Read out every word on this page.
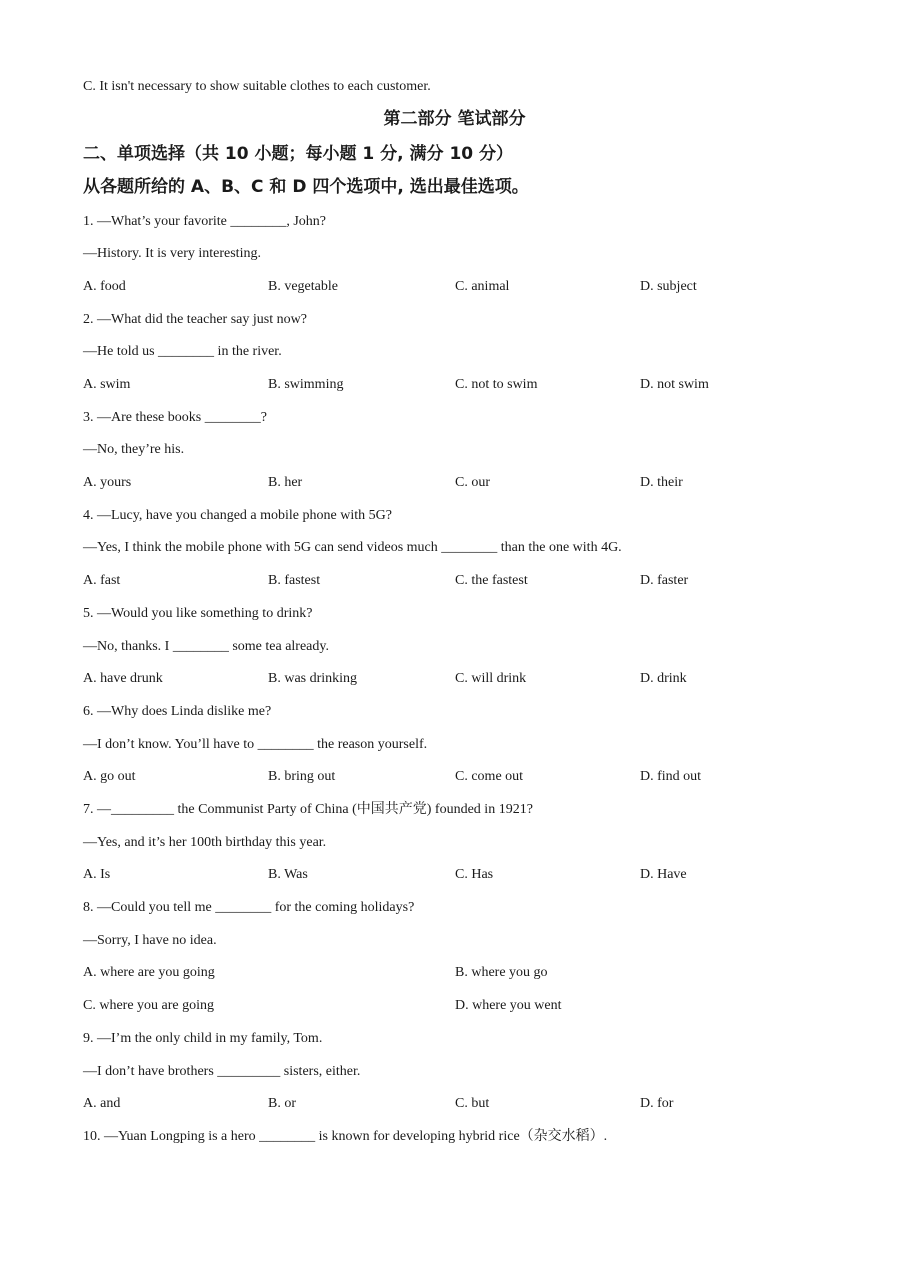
C. It isn't necessary to show suitable clothes to each customer.
第二部分 笔试部分
二、单项选择（共 10 小题；每小题 1 分, 满分 10 分）
从各题所给的 A、B、C 和 D 四个选项中, 选出最佳选项。
1. —What’s your favorite ________, John?
—History. It is very interesting.
A. food	B. vegetable	C. animal	D. subject
2. —What did the teacher say just now?
—He told us ________ in the river.
A. swim	B. swimming	C. not to swim	D. not swim
3. —Are these books ________?
—No, they’re his.
A. yours	B. her	C. our	D. their
4. —Lucy, have you changed a mobile phone with 5G?
—Yes, I think the mobile phone with 5G can send videos much ________ than the one with 4G.
A. fast	B. fastest	C. the fastest	D. faster
5. —Would you like something to drink?
—No, thanks. I ________ some tea already.
A. have drunk	B. was drinking	C. will drink	D. drink
6. —Why does Linda dislike me?
—I don’t know. You’ll have to ________ the reason yourself.
A. go out	B. bring out	C. come out	D. find out
7. —_________ the Communist Party of China (中国共产党) founded in 1921?
—Yes, and it’s her 100th birthday this year.
A. Is	B. Was	C. Has	D. Have
8. —Could you tell me ________ for the coming holidays?
—Sorry, I have no idea.
A. where are you going	B. where you go
C. where you are going	D. where you went
9. —I’m the only child in my family, Tom.
—I don’t have brothers _________ sisters, either.
A. and	B. or	C. but	D. for
10. —Yuan Longping is a hero ________ is known for developing hybrid rice（杂交水稻）.
